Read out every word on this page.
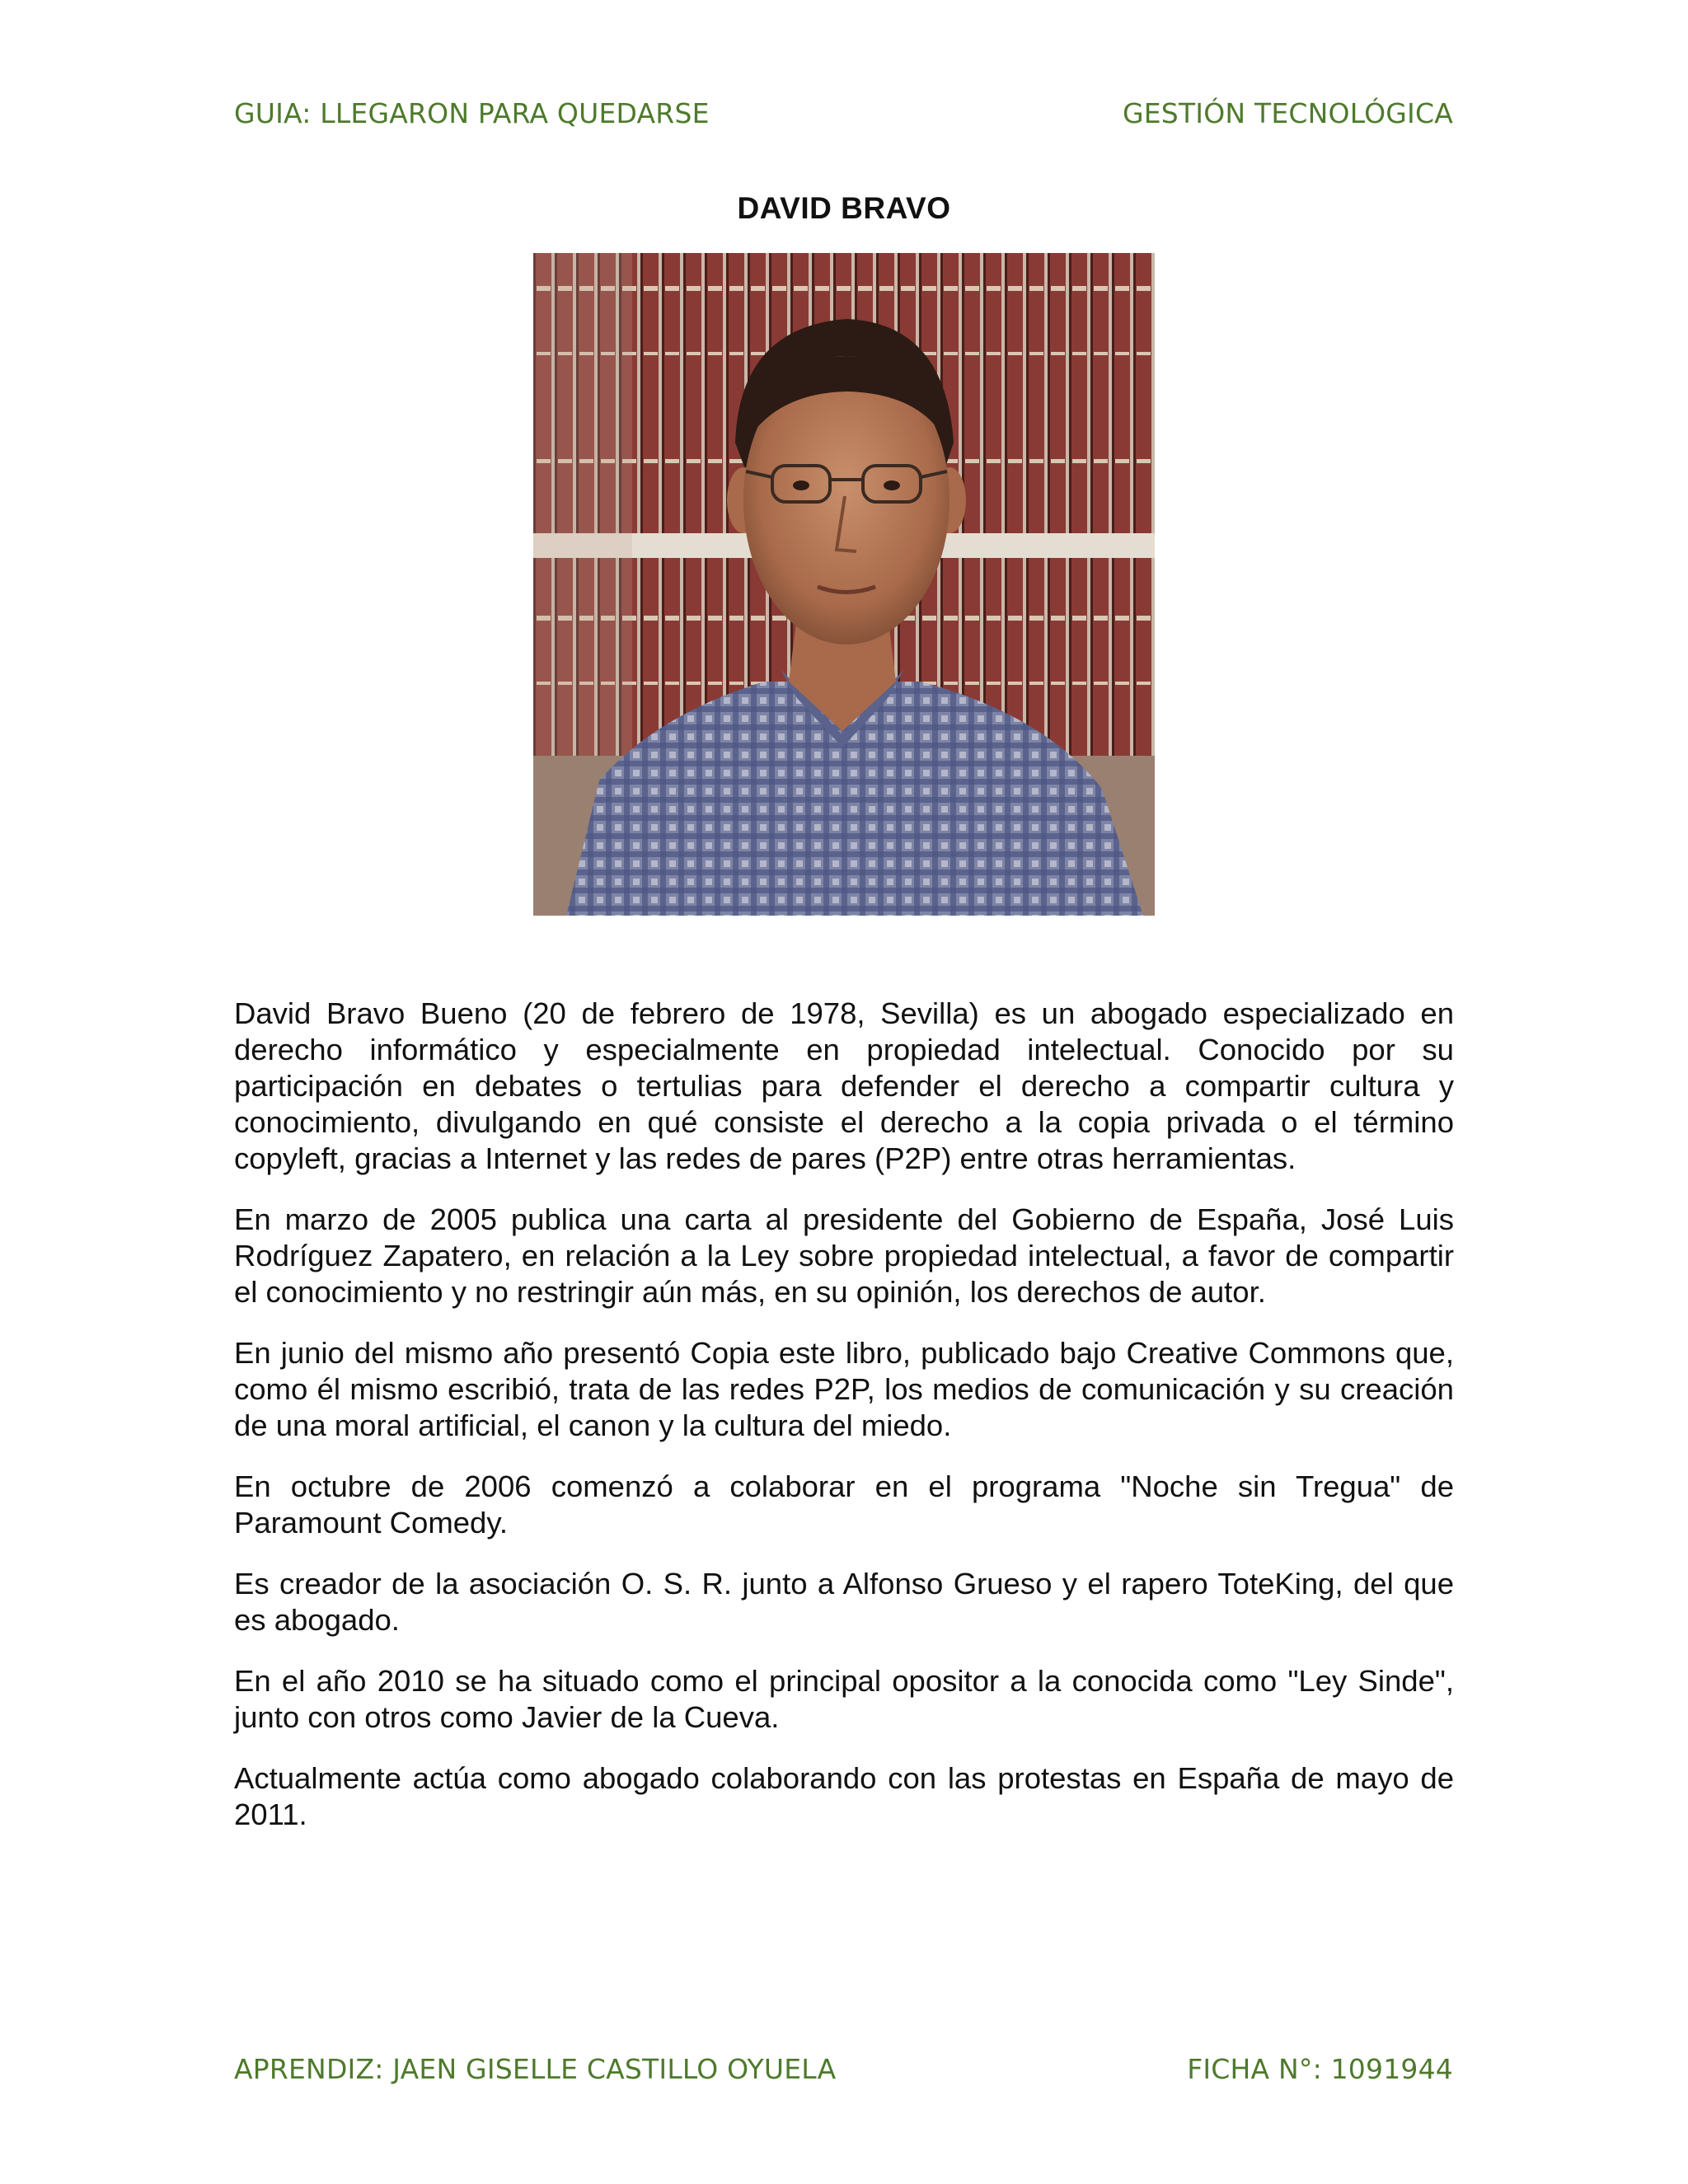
GUIA: LLEGARON PARA QUEDARSE	GESTIÓN TECNOLÓGICA
DAVID BRAVO

David Bravo Bueno (20 de febrero de 1978, Sevilla) es un abogado especializado en derecho informático y especialmente en propiedad intelectual. Conocido por su participación en debates o tertulias para defender el derecho a compartir cultura y conocimiento, divulgando en qué consiste el derecho a la copia privada o el término copyleft, gracias a Internet y las redes de pares (P2P) entre otras herramientas.

En marzo de 2005 publica una carta al presidente del Gobierno de España, José Luis Rodríguez Zapatero, en relación a la Ley sobre propiedad intelectual, a favor de compartir el conocimiento y no restringir aún más, en su opinión, los derechos de autor.

En junio del mismo año presentó Copia este libro, publicado bajo Creative Commons que, como él mismo escribió, trata de las redes P2P, los medios de comunicación y su creación de una moral artificial, el canon y la cultura del miedo.

En octubre de 2006 comenzó a colaborar en el programa "Noche sin Tregua" de Paramount Comedy.

Es creador de la asociación O. S. R. junto a Alfonso Grueso y el rapero ToteKing, del que es abogado.

En el año 2010 se ha situado como el principal opositor a la conocida como "Ley Sinde", junto con otros como Javier de la Cueva.

Actualmente actúa como abogado colaborando con las protestas en España de mayo de 2011.

APRENDIZ: JAEN GISELLE CASTILLO OYUELA	FICHA N°: 1091944
